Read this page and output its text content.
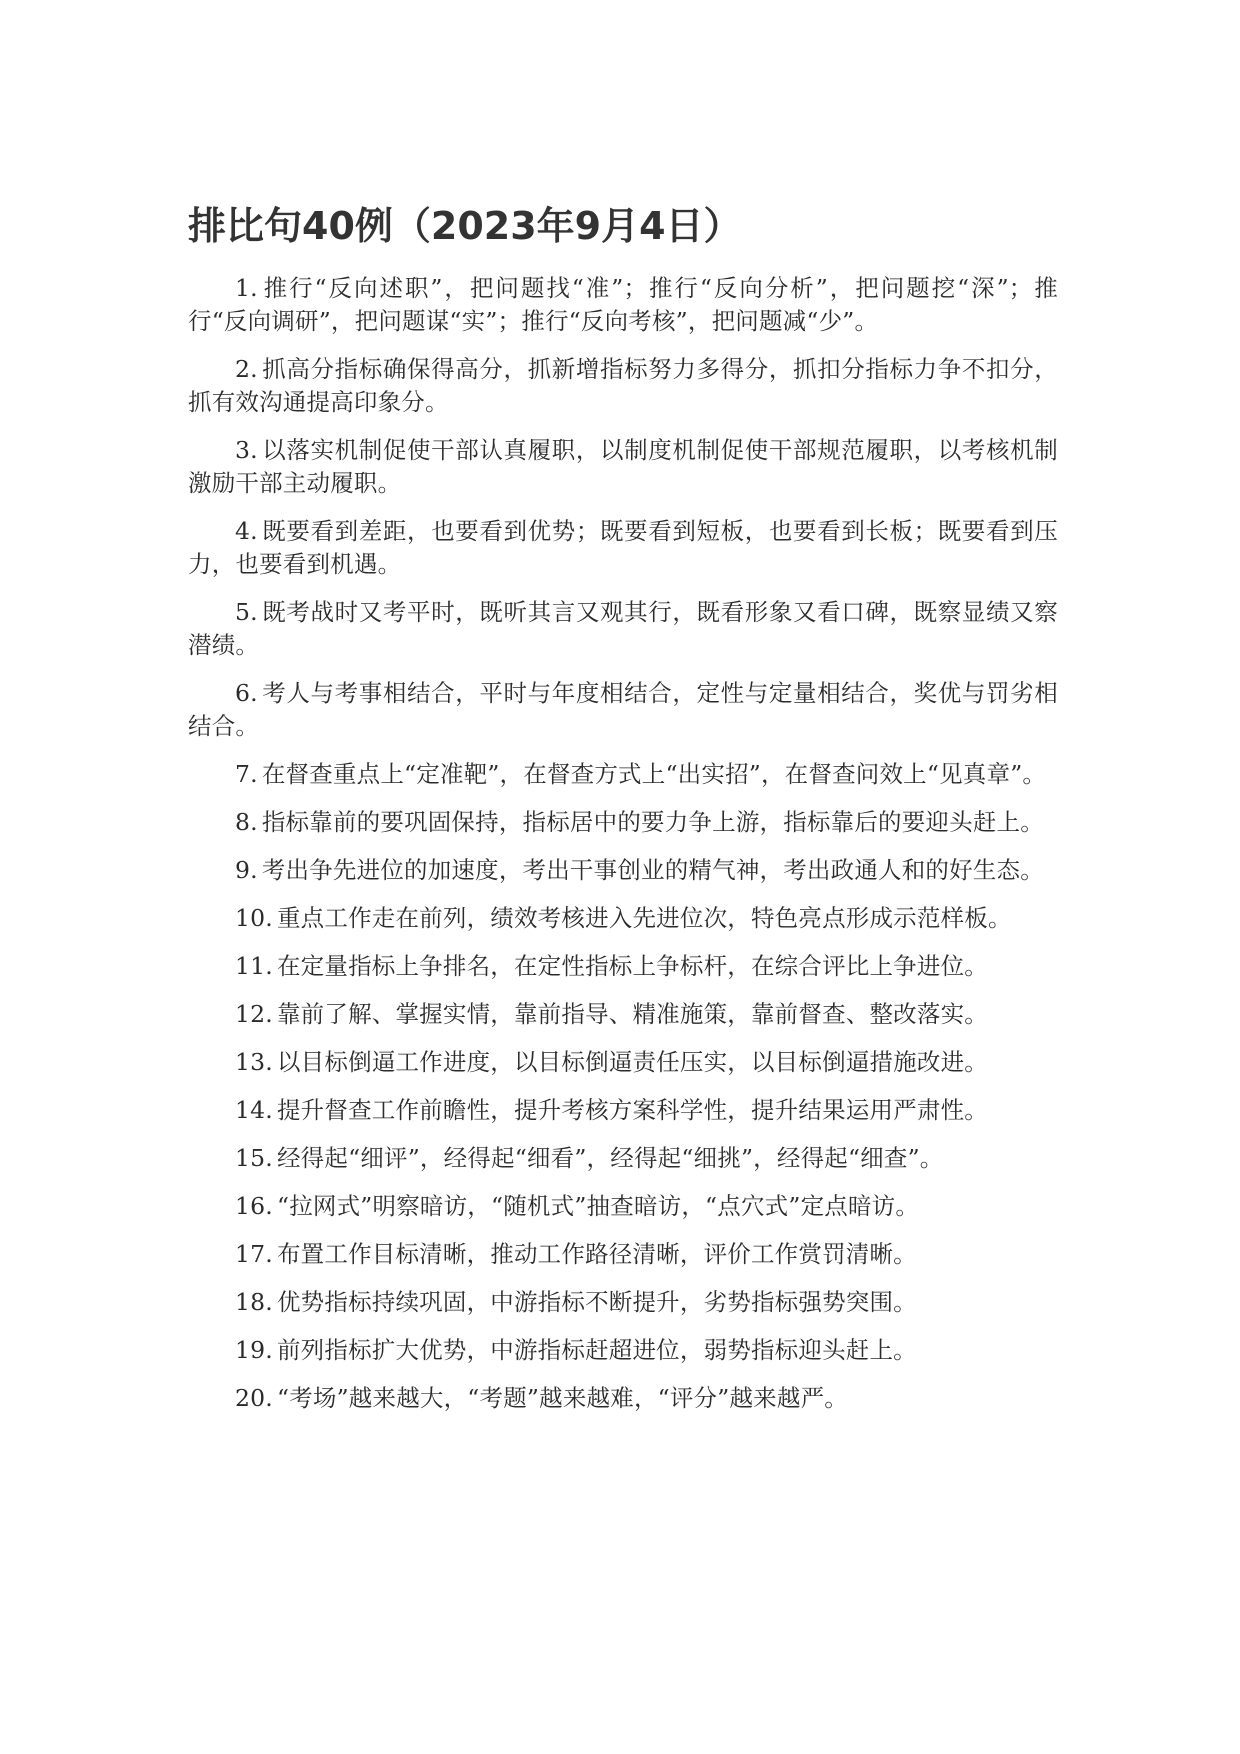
排比句40例（2023年9月4日）

1. 推行“反向述职”，把问题找“准”；推行“反向分析”，把问题挖“深”；推行“反向调研”，把问题谋“实”；推行“反向考核”，把问题减“少”。

2. 抓高分指标确保得高分，抓新增指标努力多得分，抓扣分指标力争不扣分，抓有效沟通提高印象分。

3. 以落实机制促使干部认真履职，以制度机制促使干部规范履职，以考核机制激励干部主动履职。

4. 既要看到差距，也要看到优势；既要看到短板，也要看到长板；既要看到压力，也要看到机遇。

5. 既考战时又考平时，既听其言又观其行，既看形象又看口碑，既察显绩又察潜绩。

6. 考人与考事相结合，平时与年度相结合，定性与定量相结合，奖优与罚劣相结合。

7. 在督查重点上“定准靶”，在督查方式上“出实招”，在督查问效上“见真章”。

8. 指标靠前的要巩固保持，指标居中的要力争上游，指标靠后的要迎头赶上。

9. 考出争先进位的加速度，考出干事创业的精气神，考出政通人和的好生态。

10. 重点工作走在前列，绩效考核进入先进位次，特色亮点形成示范样板。

11. 在定量指标上争排名，在定性指标上争标杆，在综合评比上争进位。

12. 靠前了解、掌握实情，靠前指导、精准施策，靠前督查、整改落实。

13. 以目标倒逼工作进度，以目标倒逼责任压实，以目标倒逼措施改进。

14. 提升督查工作前瞻性，提升考核方案科学性，提升结果运用严肃性。

15. 经得起“细评”，经得起“细看”，经得起“细挑”，经得起“细查”。

16. “拉网式”明察暗访，“随机式”抽查暗访，“点穴式”定点暗访。

17. 布置工作目标清晰，推动工作路径清晰，评价工作赏罚清晰。

18. 优势指标持续巩固，中游指标不断提升，劣势指标强势突围。

19. 前列指标扩大优势，中游指标赶超进位，弱势指标迎头赶上。

20. “考场”越来越大，“考题”越来越难，“评分”越来越严。
